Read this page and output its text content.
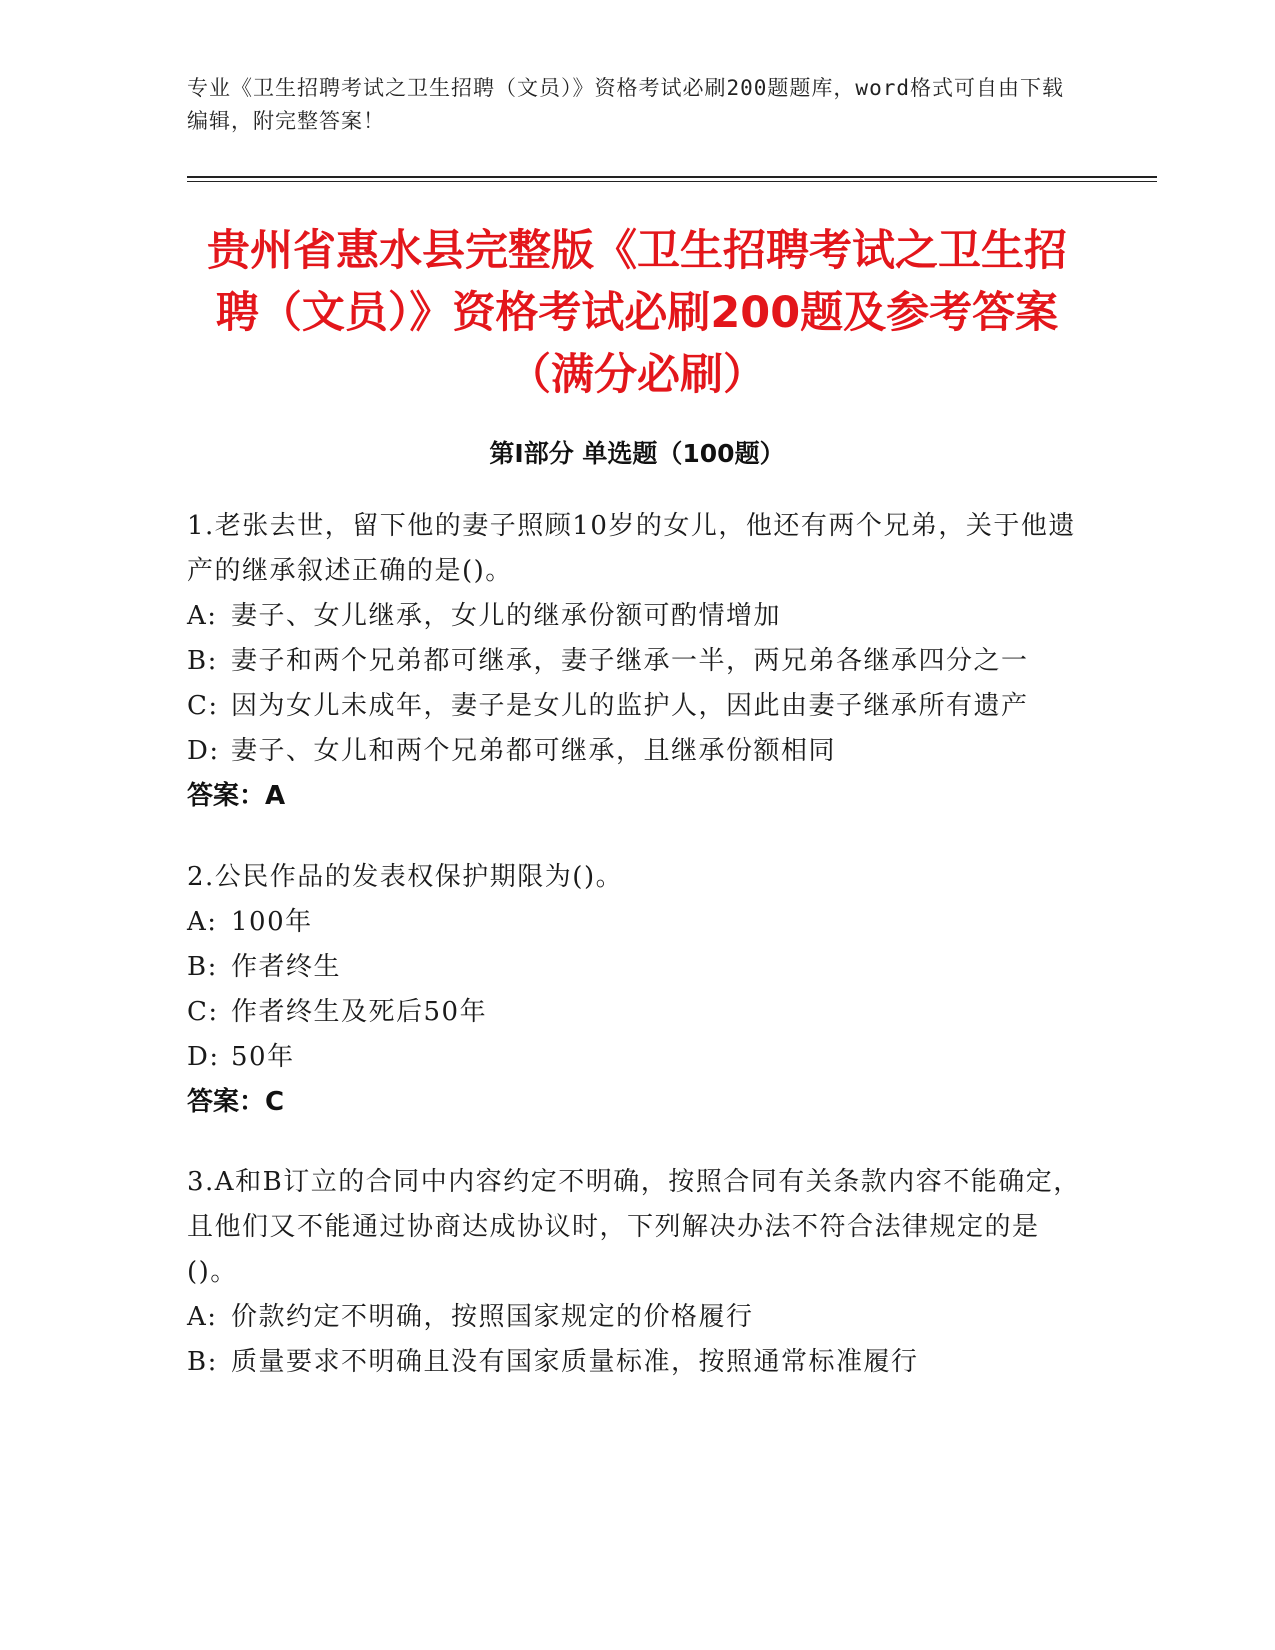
专业《卫生招聘考试之卫生招聘（文员）》资格考试必刷200题题库，word格式可自由下载编辑，附完整答案！
贵州省惠水县完整版《卫生招聘考试之卫生招聘（文员）》资格考试必刷200题及参考答案（满分必刷）
第Ⅰ部分 单选题（100题）
1.老张去世，留下他的妻子照顾10岁的女儿，他还有两个兄弟，关于他遗产的继承叙述正确的是()。
A: 妻子、女儿继承，女儿的继承份额可酌情增加
B: 妻子和两个兄弟都可继承，妻子继承一半，两兄弟各继承四分之一
C: 因为女儿未成年，妻子是女儿的监护人，因此由妻子继承所有遗产
D: 妻子、女儿和两个兄弟都可继承，且继承份额相同
答案：A
2.公民作品的发表权保护期限为()。
A: 100年
B: 作者终生
C: 作者终生及死后50年
D: 50年
答案：C
3.A和B订立的合同中内容约定不明确，按照合同有关条款内容不能确定，且他们又不能通过协商达成协议时，下列解决办法不符合法律规定的是()。
A: 价款约定不明确，按照国家规定的价格履行
B: 质量要求不明确且没有国家质量标准，按照通常标准履行
